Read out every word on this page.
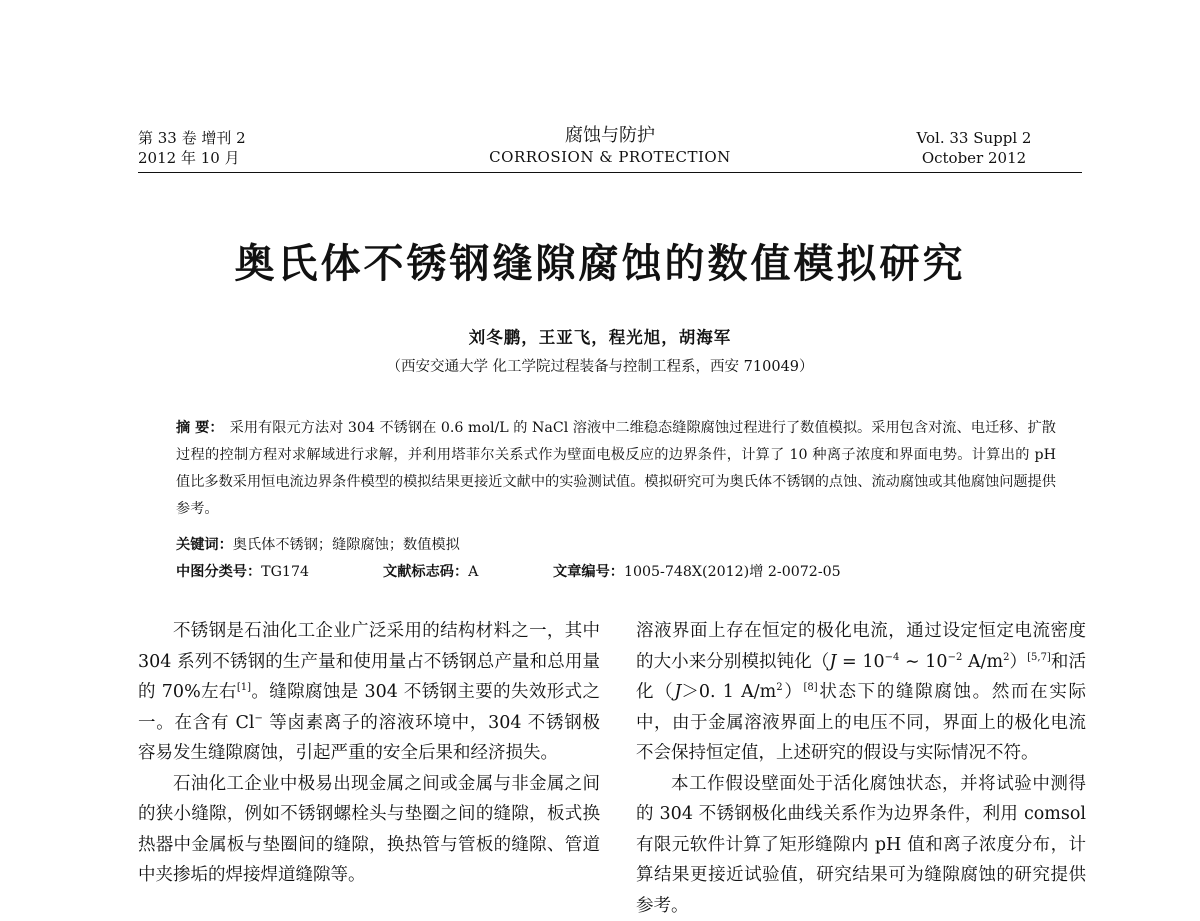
第 33 卷 增刊 2
2012 年 10 月
腐蚀与防护
CORROSION & PROTECTION
Vol. 33 Suppl 2
October 2012
奥氏体不锈钢缝隙腐蚀的数值模拟研究
刘冬鹏，王亚飞，程光旭，胡海军
（西安交通大学 化工学院过程装备与控制工程系，西安 710049）
摘 要： 采用有限元方法对 304 不锈钢在 0.6 mol/L 的 NaCl 溶液中二维稳态缝隙腐蚀过程进行了数值模拟。采用包含对流、电迁移、扩散过程的控制方程对求解域进行求解，并利用塔菲尔关系式作为壁面电极反应的边界条件，计算了 10 种离子浓度和界面电势。计算出的 pH 值比多数采用恒电流边界条件模型的模拟结果更接近文献中的实验测试值。模拟研究可为奥氏体不锈钢的点蚀、流动腐蚀或其他腐蚀问题提供参考。
关键词：奥氏体不锈钢；缝隙腐蚀；数值模拟
中图分类号：TG174	文献标志码：A	文章编号：1005-748X(2012)增 2-0072-05

不锈钢是石油化工企业广泛采用的结构材料之一，其中 304 系列不锈钢的生产量和使用量占不锈钢总产量和总用量的 70%左右[1]。缝隙腐蚀是 304 不锈钢主要的失效形式之一。在含有 Cl− 等卤素离子的溶液环境中，304 不锈钢极容易发生缝隙腐蚀，引起严重的安全后果和经济损失。

石油化工企业中极易出现金属之间或金属与非金属之间的狭小缝隙，例如不锈钢螺栓头与垫圈之间的缝隙，板式换热器中金属板与垫圈间的缝隙，换热管与管板的缝隙、管道中夹掺垢的焊接焊道缝隙等。

溶液界面上存在恒定的极化电流，通过设定恒定电流密度的大小来分别模拟钝化（$J = 10^{-4}$ ∼ $10^{-2}$ $A/m^2)[5,7]$和活化（J＞0. 1 $A/m^2)[8]$状态下的缝隙腐蚀。然而在实际中，由于金属溶液界面上的电压不同，界面上的极化电流不会保持恒定值，上述研究的假设与实际情况不符。

本工作假设壁面处于活化腐蚀状态，并将试验中测得的 304 不锈钢极化曲线关系作为边界条件，利用 comsol 有限元软件计算了矩形缝隙内 pH 值和离子浓度分布，计算结果更接近试验值，研究结果可为缝隙腐蚀的研究提供参考。
